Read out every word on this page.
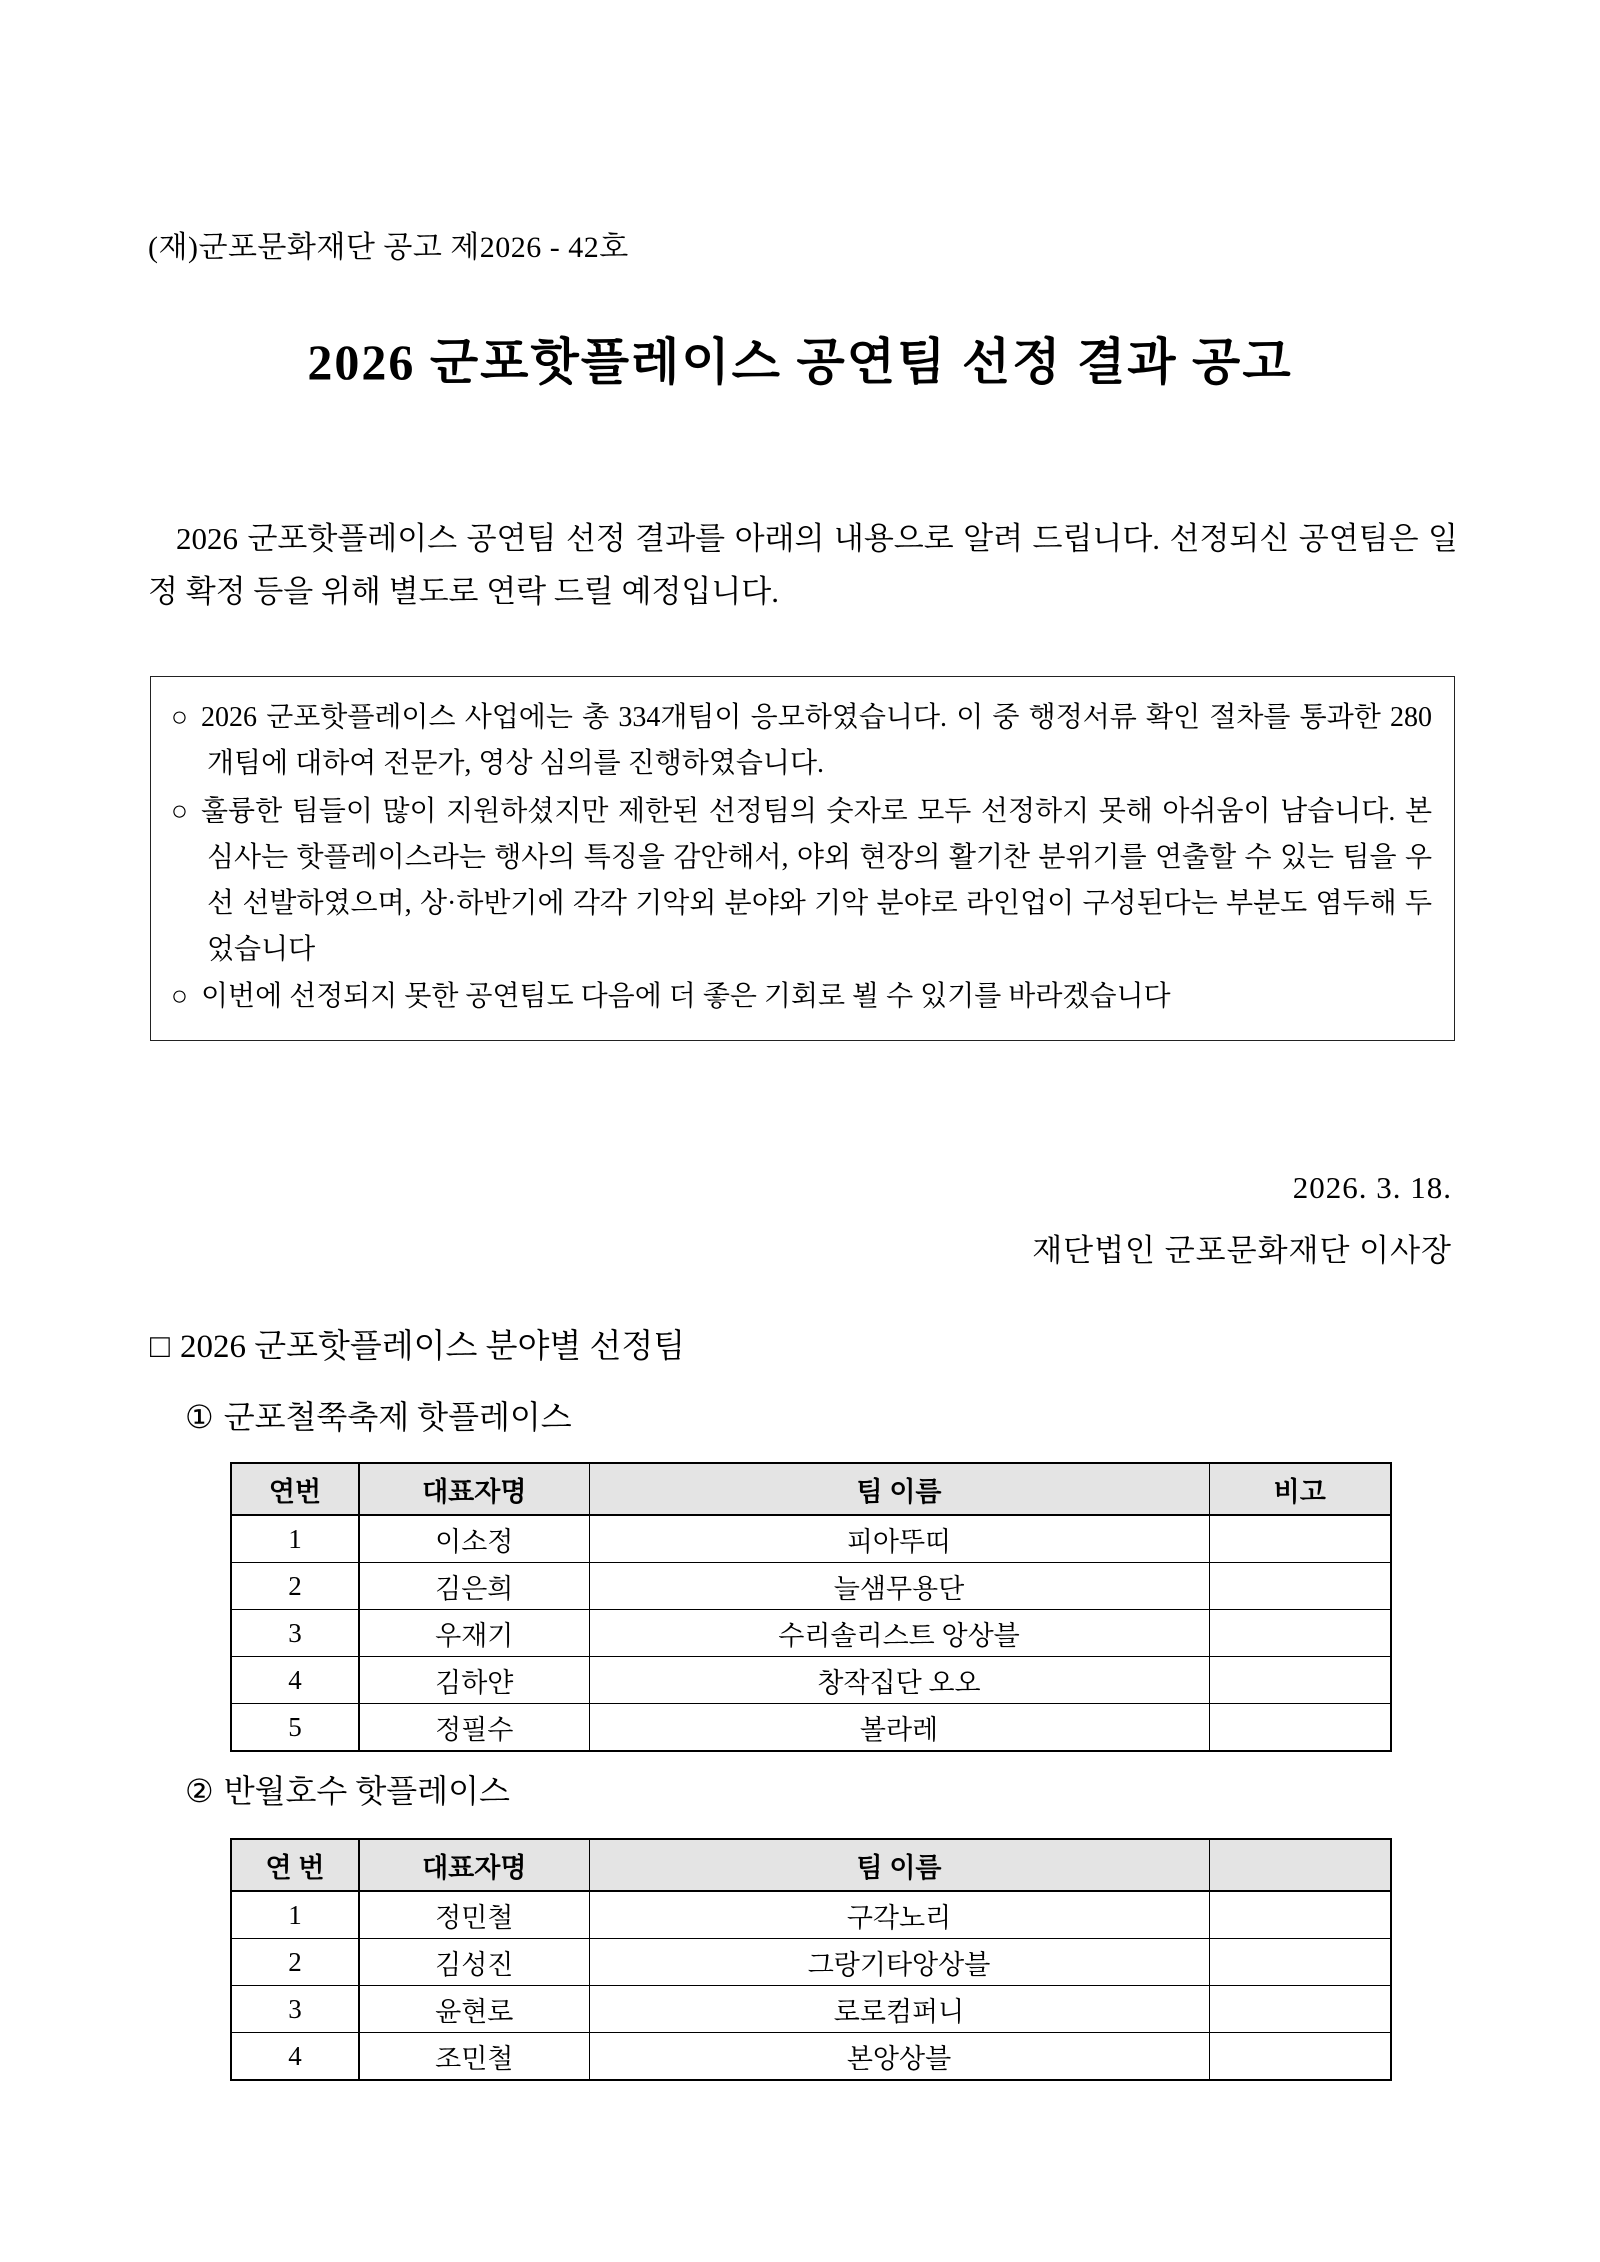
(재)군포문화재단 공고 제2026 - 42호
2026 군포핫플레이스 공연팀 선정 결과 공고
2026 군포핫플레이스 공연팀 선정 결과를 아래의 내용으로 알려 드립니다. 선정되신 공연팀은 일정 확정 등을 위해 별도로 연락 드릴 예정입니다.

○ 2026 군포핫플레이스 사업에는 총 334개팀이 응모하였습니다. 이 중 행정서류 확인 절차를 통과한 280개팀에 대하여 전문가, 영상 심의를 진행하였습니다.

○ 훌륭한 팀들이 많이 지원하셨지만 제한된 선정팀의 숫자로 모두 선정하지 못해 아쉬움이 남습니다. 본 심사는 핫플레이스라는 행사의 특징을 감안해서, 야외 현장의 활기찬 분위기를 연출할 수 있는 팀을 우선 선발하였으며, 상·하반기에 각각 기악외 분야와 기악 분야로 라인업이 구성된다는 부분도 염두해 두었습니다

○ 이번에 선정되지 못한 공연팀도 다음에 더 좋은 기회로 뵐 수 있기를 바라겠습니다

2026. 3. 18.
재단법인 군포문화재단 이사장
□ 2026 군포핫플레이스 분야별 선정팀
① 군포철쭉축제 핫플레이스
연번	대표자명	팀 이름	비고
1	이소정	피아뚜띠	
2	김은희	늘샘무용단	
3	우재기	수리솔리스트 앙상블	
4	김하얀	창작집단 오오	
5	정필수	볼라레	
② 반월호수 핫플레이스
연 번	대표자명	팀 이름	
1	정민철	구각노리	
2	김성진	그랑기타앙상블	
3	윤현로	로로컴퍼니	
4	조민철	본앙상블	
